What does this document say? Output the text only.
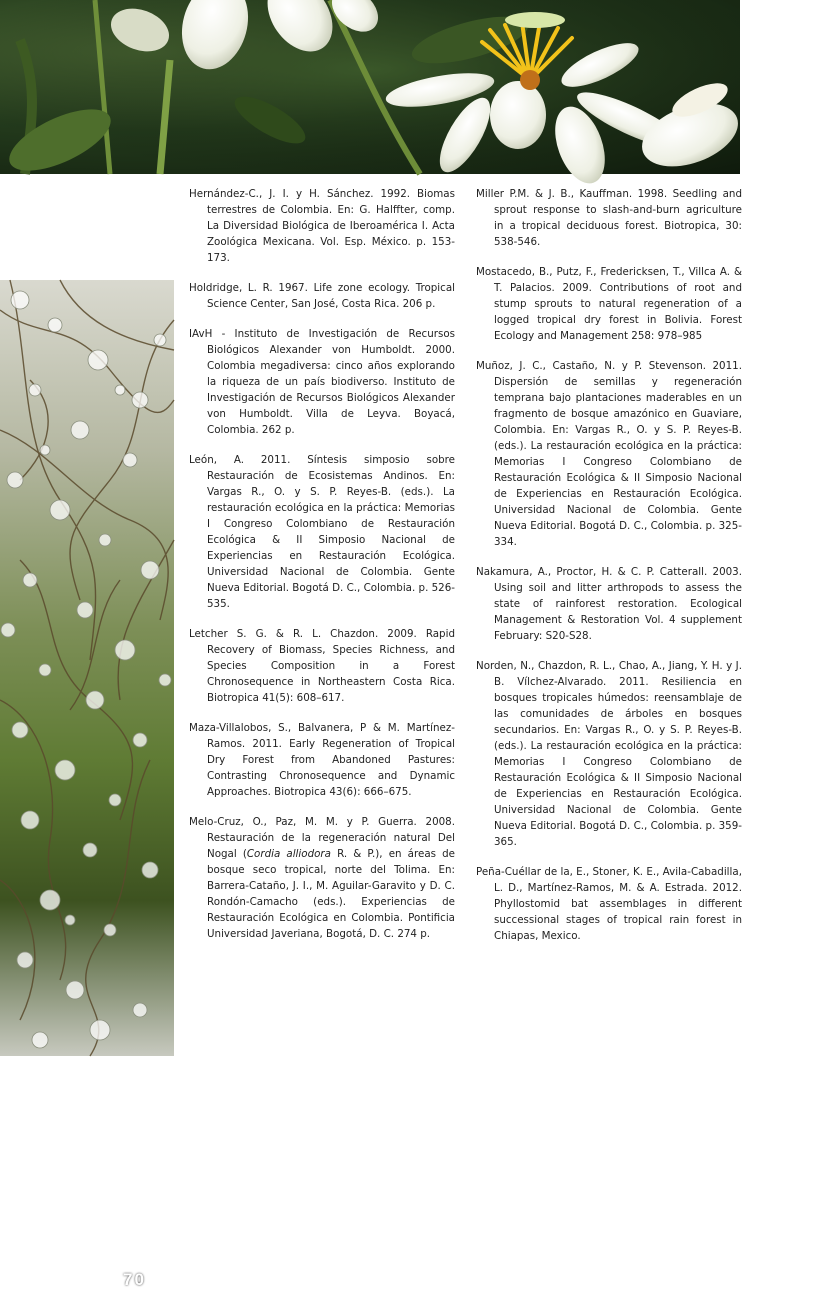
70

Hernández-C., J. I. y H. Sánchez. 1992. Biomas terrestres de Colombia. En: G. Halffter, comp. La Diversidad Biológica de Iberoamérica I. Acta Zoológica Mexicana. Vol. Esp. México. p. 153-173.

Holdridge, L. R. 1967. Life zone ecology. Tropical Science Center, San José, Costa Rica. 206 p.

IAvH - Instituto de Investigación de Recursos Biológicos Alexander von Humboldt. 2000. Colombia megadiversa: cinco años explorando la riqueza de un país biodiverso. Instituto de Investigación de Recursos Biológicos Alexander von Humboldt. Villa de Leyva. Boyacá, Colombia. 262 p.

León, A. 2011. Síntesis simposio sobre Restauración de Ecosistemas Andinos. En: Vargas R., O. y S. P. Reyes-B. (eds.). La restauración ecológica en la práctica: Memorias I Congreso Colombiano de Restauración Ecológica & II Simposio Nacional de Experiencias en Restauración Ecológica. Universidad Nacional de Colombia. Gente Nueva Editorial. Bogotá D. C., Colombia. p. 526-535.

Letcher S. G. & R. L. Chazdon. 2009. Rapid Recovery of Biomass, Species Richness, and Species Composition in a Forest Chronosequence in Northeastern Costa Rica. Biotropica 41(5): 608–617.

Maza-Villalobos, S., Balvanera, P & M. Martínez-Ramos. 2011. Early Regeneration of Tropical Dry Forest from Abandoned Pastures: Contrasting Chronosequence and Dynamic Approaches. Biotropica 43(6): 666–675.

Melo-Cruz, O., Paz, M. M. y P. Guerra. 2008. Restauración de la regeneración natural Del Nogal (Cordia alliodora R. & P.), en áreas de bosque seco tropical, norte del Tolima. En: Barrera-Cataño, J. I., M. Aguilar-Garavito y D. C. Rondón-Camacho (eds.). Experiencias de Restauración Ecológica en Colombia. Pontificia Universidad Javeriana, Bogotá, D. C. 274 p.

Miller P.M. & J. B., Kauffman. 1998. Seedling and sprout response to slash-and-burn agriculture in a tropical deciduous forest. Biotropica, 30: 538-546.

Mostacedo, B., Putz, F., Fredericksen, T., Villca A. & T. Palacios. 2009. Contributions of root and stump sprouts to natural regeneration of a logged tropical dry forest in Bolivia. Forest Ecology and Management 258: 978–985

Muñoz, J. C., Castaño, N. y P. Stevenson. 2011. Dispersión de semillas y regeneración temprana bajo plantaciones maderables en un fragmento de bosque amazónico en Guaviare, Colombia. En: Vargas R., O. y S. P. Reyes-B. (eds.). La restauración ecológica en la práctica: Memorias I Congreso Colombiano de Restauración Ecológica & II Simposio Nacional de Experiencias en Restauración Ecológica. Universidad Nacional de Colombia. Gente Nueva Editorial. Bogotá D. C., Colombia. p. 325-334.

Nakamura, A., Proctor, H. & C. P. Catterall. 2003. Using soil and litter arthropods to assess the state of rainforest restoration. Ecological Management & Restoration Vol. 4 supplement February: S20-S28.

Norden, N., Chazdon, R. L., Chao, A., Jiang, Y. H. y J. B. Vílchez-Alvarado. 2011. Resiliencia en bosques tropicales húmedos: reensamblaje de las comunidades de árboles en bosques secundarios. En: Vargas R., O. y S. P. Reyes-B. (eds.). La restauración ecológica en la práctica: Memorias I Congreso Colombiano de Restauración Ecológica & II Simposio Nacional de Experiencias en Restauración Ecológica. Universidad Nacional de Colombia. Gente Nueva Editorial. Bogotá D. C., Colombia. p. 359-365.

Peña-Cuéllar de la, E., Stoner, K. E., Avila-Cabadilla, L. D., Martínez-Ramos, M. & A. Estrada. 2012. Phyllostomid bat assemblages in different successional stages of tropical rain forest in Chiapas, Mexico.
